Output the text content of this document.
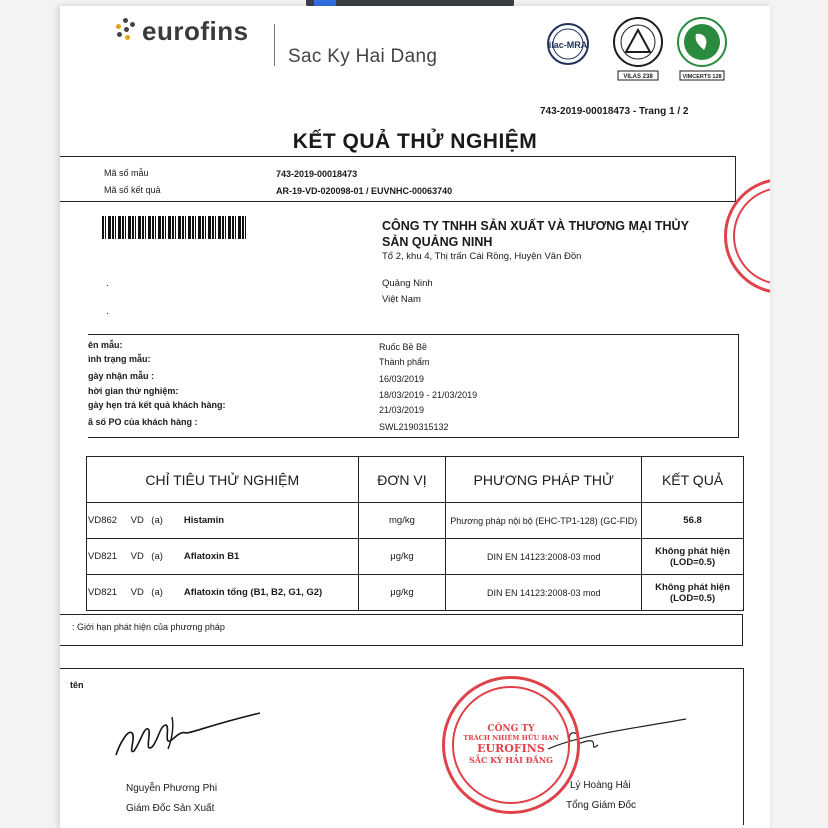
eurofins
Sac Ky Hai Dang
ilac-MRA
VILAS 238	VIMCERTS 128
743-2019-00018473 - Trang 1 / 2
KẾT QUẢ THỬ NGHIỆM
Mã số mẫu	743-2019-00018473
Mã số kết quả	AR-19-VD-020098-01 / EUVNHC-00063740
CÔNG TY TNHH SẢN XUẤT VÀ THƯƠNG MẠI THỦY
SẢN QUẢNG NINH
Tổ 2, khu 4, Thị trấn Cái Rồng, Huyện Vân Đồn
Quảng Ninh
Việt Nam
.
.
ên mẫu:	Ruốc Bề Bề
ình trạng mẫu:	Thành phẩm
gày nhận mẫu :	16/03/2019
hời gian thử nghiệm:	18/03/2019 - 21/03/2019
gày hẹn trả kết quả khách hàng:	21/03/2019
ã số PO của khách hàng :	SWL2190315132
CHỈ TIÊU THỬ NGHIỆM	ĐƠN VỊ	PHƯƠNG PHÁP THỬ	KẾT QUẢ
VD862 VD (a) Histamin	mg/kg	Phương pháp nội bộ (EHC-TP1-128) (GC-FID)	56.8
VD821 VD (a) Aflatoxin B1	μg/kg	DIN EN 14123:2008-03 mod	Không phát hiện (LOD=0.5)
VD821 VD (a) Aflatoxin tổng (B1, B2, G1, G2)	μg/kg	DIN EN 14123:2008-03 mod	Không phát hiện (LOD=0.5)
: Giới hạn phát hiện của phương pháp
tên
Nguyễn Phương Phi
Giám Đốc Sản Xuất
Lý Hoàng Hải
Tổng Giám Đốc
CÔNG TY
TRÁCH NHIỆM HỮU HẠN
EUROFINS
SẮC KÝ HẢI ĐĂNG
